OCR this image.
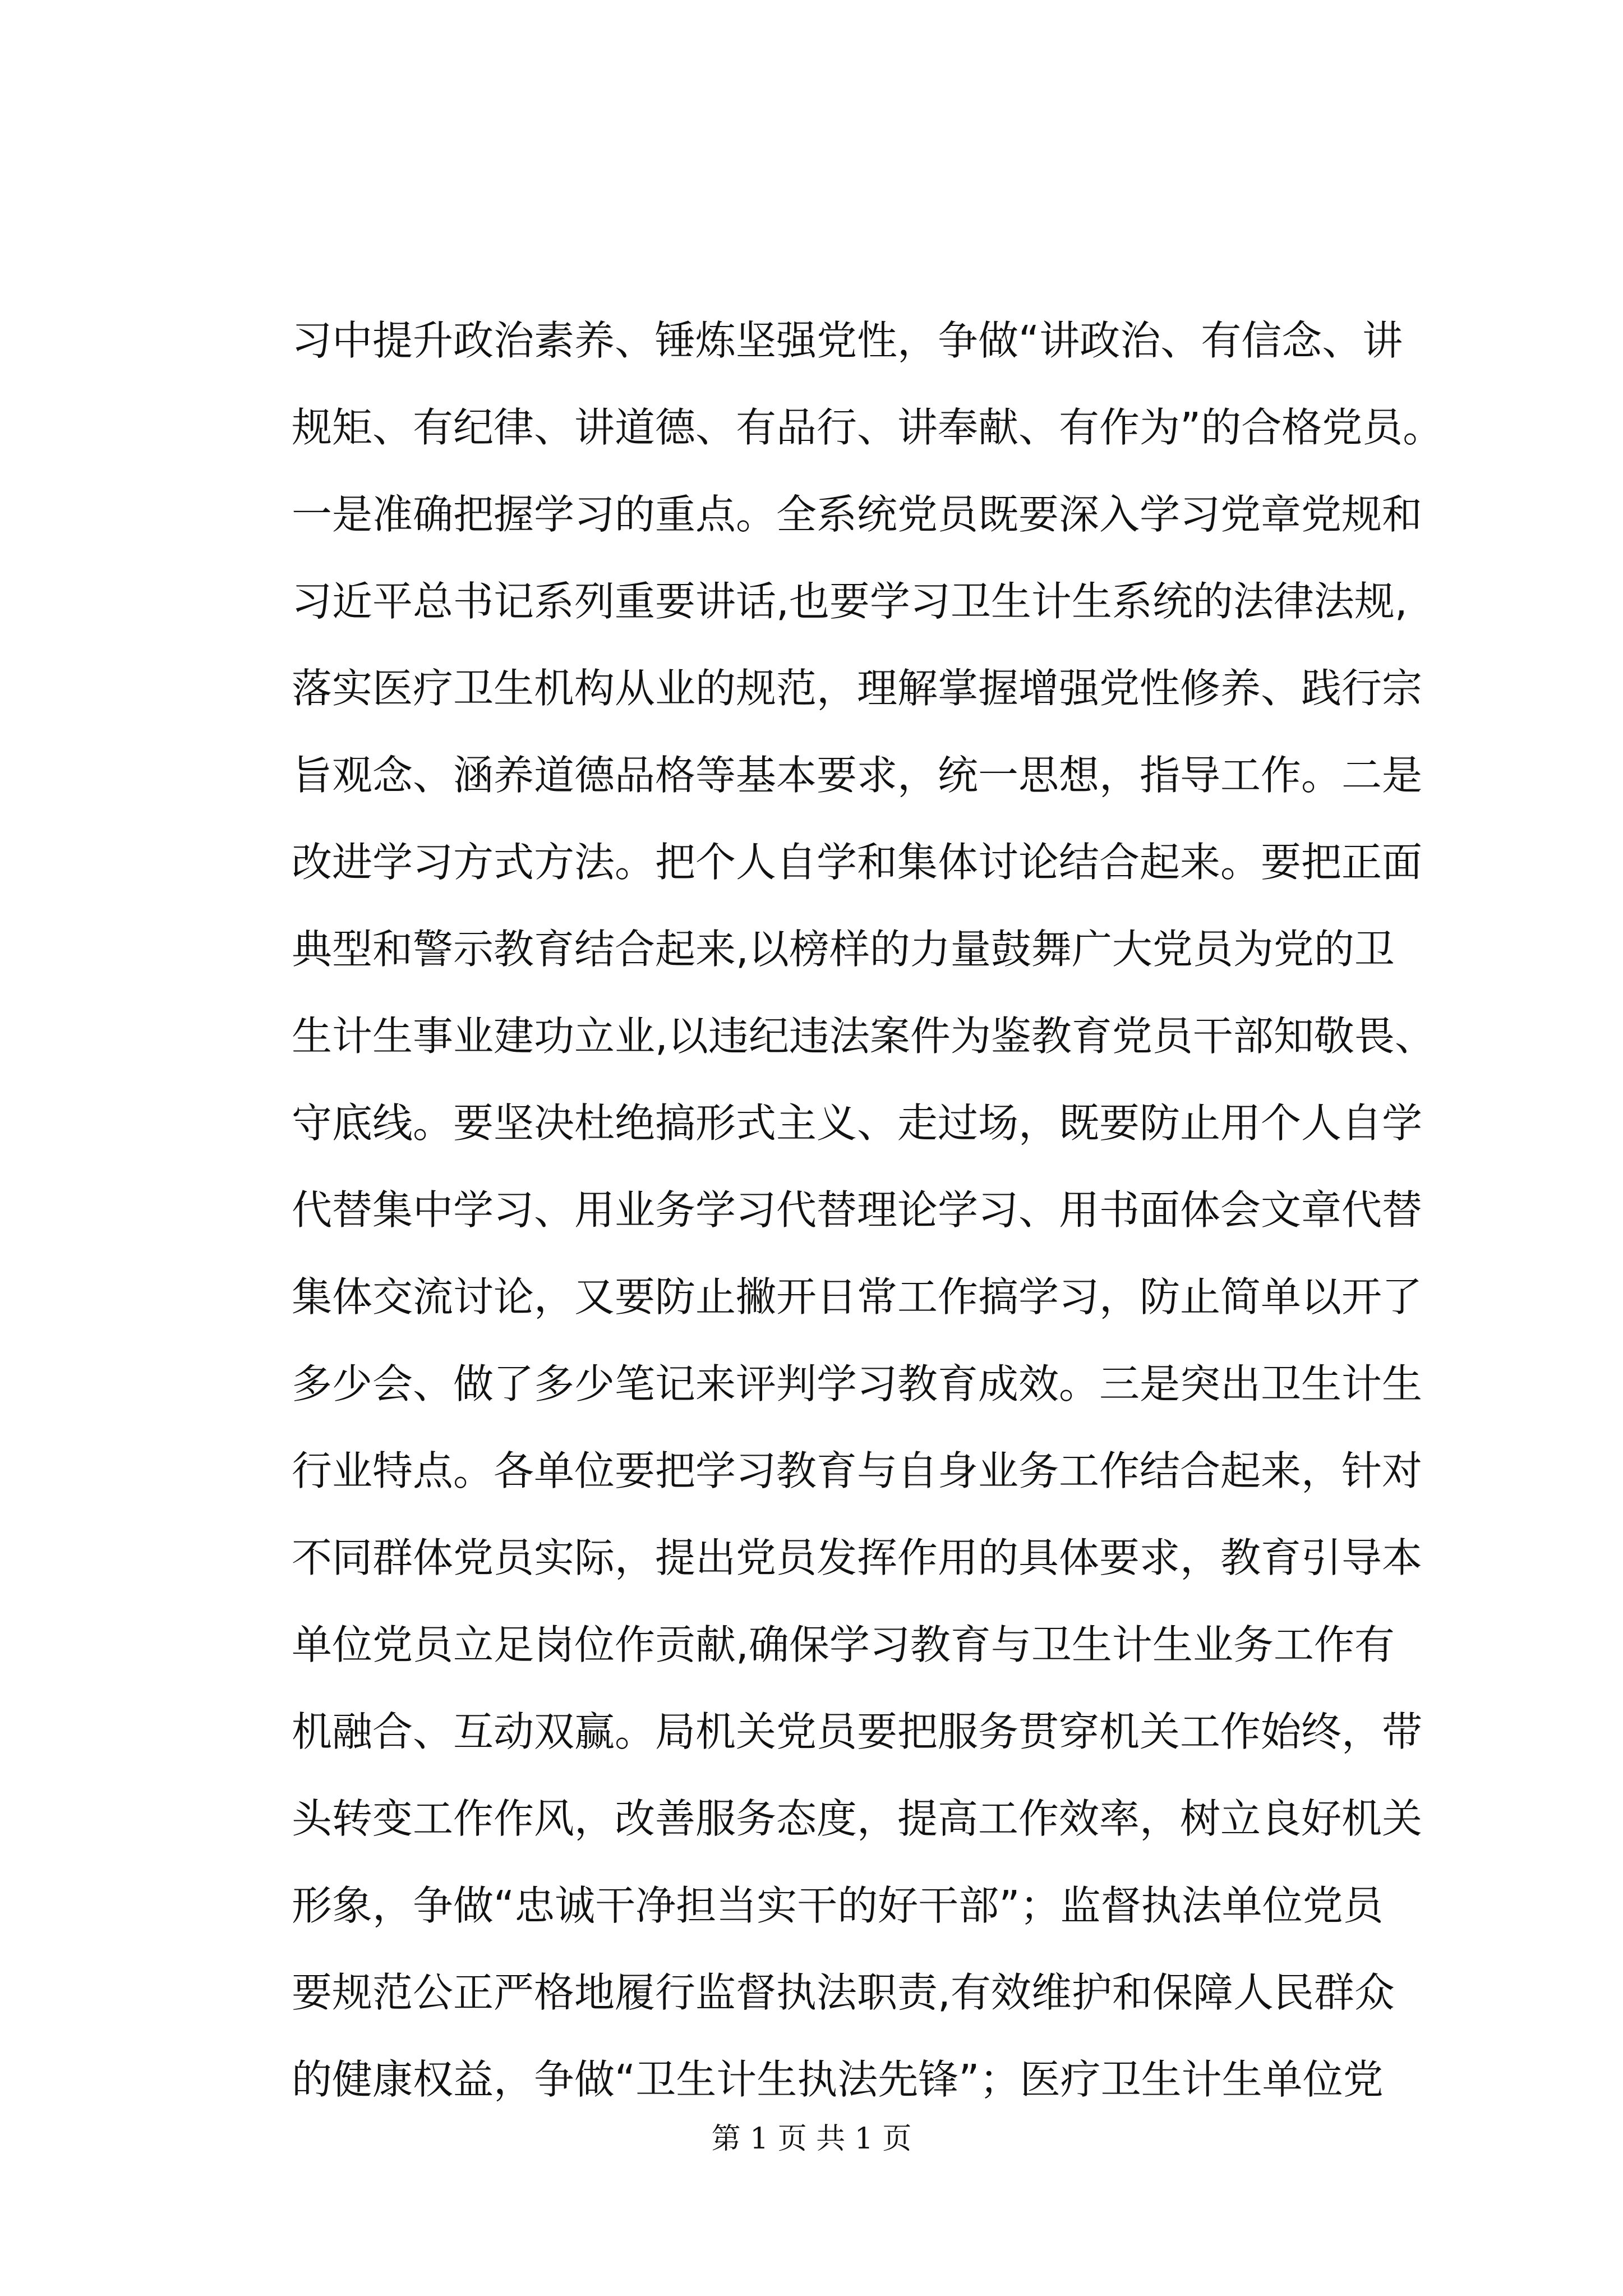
习中提升政治素养、锤炼坚强党性，争做“讲政治、有信念、讲
规矩、有纪律、讲道德、有品行、讲奉献、有作为”的合格党员。
一是准确把握学习的重点。全系统党员既要深入学习党章党规和
习近平总书记系列重要讲话,也要学习卫生计生系统的法律法规,
落实医疗卫生机构从业的规范，理解掌握增强党性修养、践行宗
旨观念、涵养道德品格等基本要求，统一思想，指导工作。二是
改进学习方式方法。把个人自学和集体讨论结合起来。要把正面
典型和警示教育结合起来,以榜样的力量鼓舞广大党员为党的卫
生计生事业建功立业,以违纪违法案件为鉴教育党员干部知敬畏、
守底线。要坚决杜绝搞形式主义、走过场，既要防止用个人自学
代替集中学习、用业务学习代替理论学习、用书面体会文章代替
集体交流讨论，又要防止撇开日常工作搞学习，防止简单以开了
多少会、做了多少笔记来评判学习教育成效。三是突出卫生计生
行业特点。各单位要把学习教育与自身业务工作结合起来，针对
不同群体党员实际，提出党员发挥作用的具体要求，教育引导本
单位党员立足岗位作贡献,确保学习教育与卫生计生业务工作有
机融合、互动双赢。局机关党员要把服务贯穿机关工作始终，带
头转变工作作风，改善服务态度，提高工作效率，树立良好机关
形象，争做“忠诚干净担当实干的好干部”；监督执法单位党员
要规范公正严格地履行监督执法职责,有效维护和保障人民群众
的健康权益，争做“卫生计生执法先锋”；医疗卫生计生单位党
第 1 页 共 1 页
